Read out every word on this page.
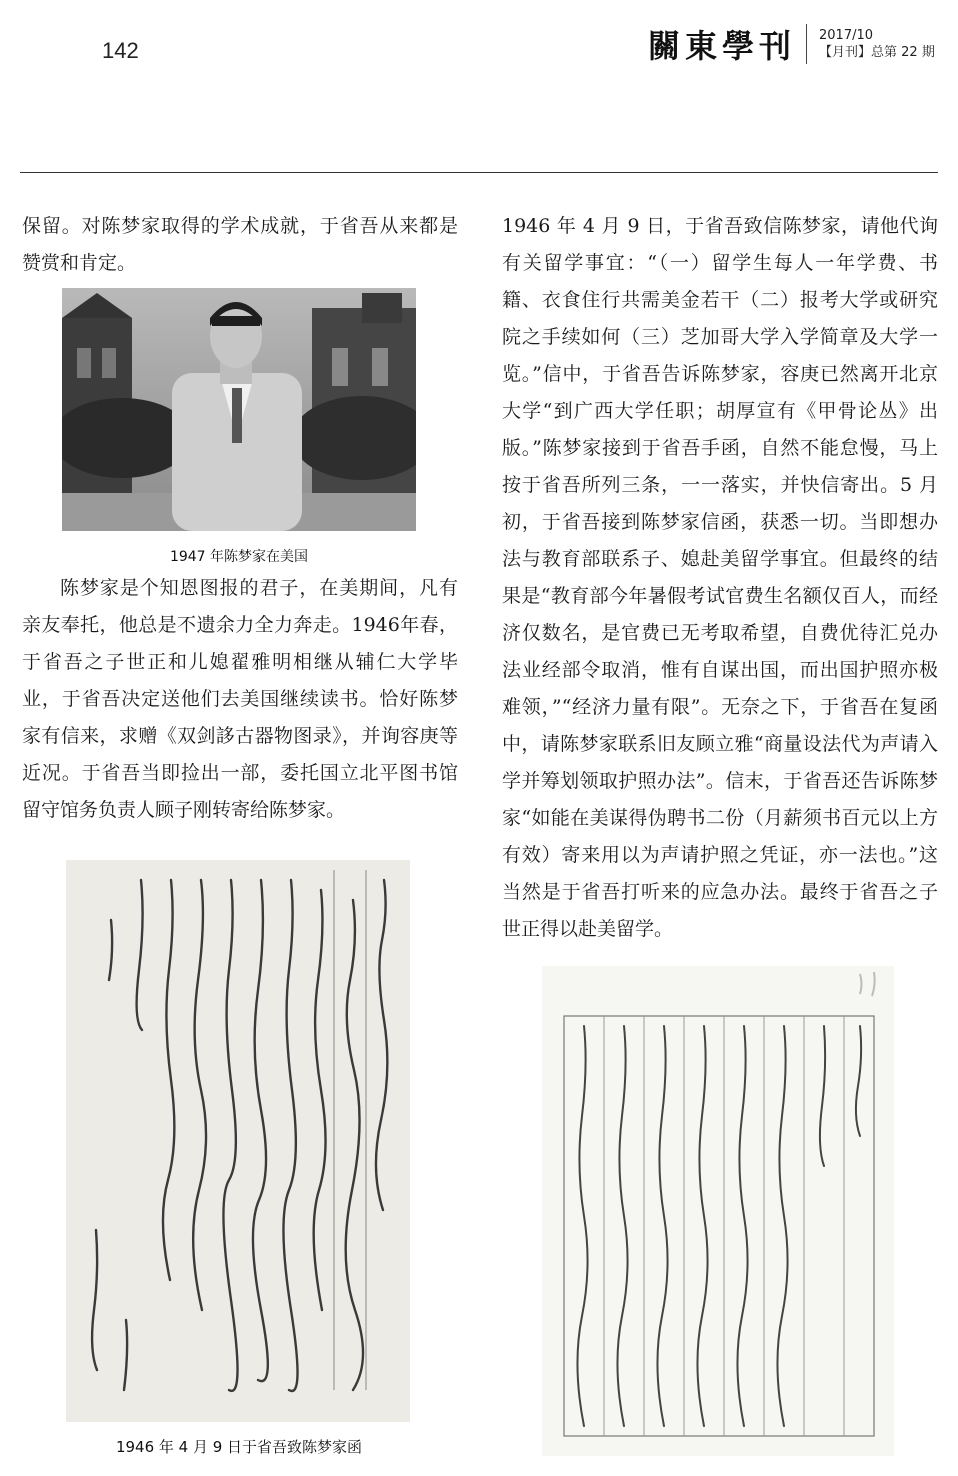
142	關東學刊 2017/10
【月刊】总第 22 期

保留。对陈梦家取得的学术成就，于省吾从来都是赞赏和肯定。

1947 年陈梦家在美国

陈梦家是个知恩图报的君子，在美期间，凡有亲友奉托，他总是不遗余力全力奔走。1946年春，于省吾之子世正和儿媳翟雅明相继从辅仁大学毕业，于省吾决定送他们去美国继续读书。恰好陈梦家有信来，求赠《双剑誃古器物图录》，并询容庚等近况。于省吾当即捡出一部，委托国立北平图书馆留守馆务负责人顾子刚转寄给陈梦家。

1946 年 4 月 9 日于省吾致陈梦家函

1946 年 4 月 9 日，于省吾致信陈梦家，请他代询有关留学事宜：“（一）留学生每人一年学费、书籍、衣食住行共需美金若干（二）报考大学或研究院之手续如何（三）芝加哥大学入学简章及大学一览。”信中，于省吾告诉陈梦家，容庚已然离开北京大学“到广西大学任职；胡厚宣有《甲骨论丛》出版。”陈梦家接到于省吾手函，自然不能怠慢，马上按于省吾所列三条，一一落实，并快信寄出。5 月初，于省吾接到陈梦家信函，获悉一切。当即想办法与教育部联系子、媳赴美留学事宜。但最终的结果是“教育部今年暑假考试官费生名额仅百人，而经济仅数名，是官费已无考取希望，自费优待汇兑办法业经部令取消，惟有自谋出国，而出国护照亦极难领，”“经济力量有限”。无奈之下，于省吾在复函中，请陈梦家联系旧友顾立雅“商量设法代为声请入学并筹划领取护照办法”。信末，于省吾还告诉陈梦家“如能在美谋得伪聘书二份（月薪须书百元以上方有效）寄来用以为声请护照之凭证，亦一法也。”这当然是于省吾打听来的应急办法。最终于省吾之子世正得以赴美留学。
